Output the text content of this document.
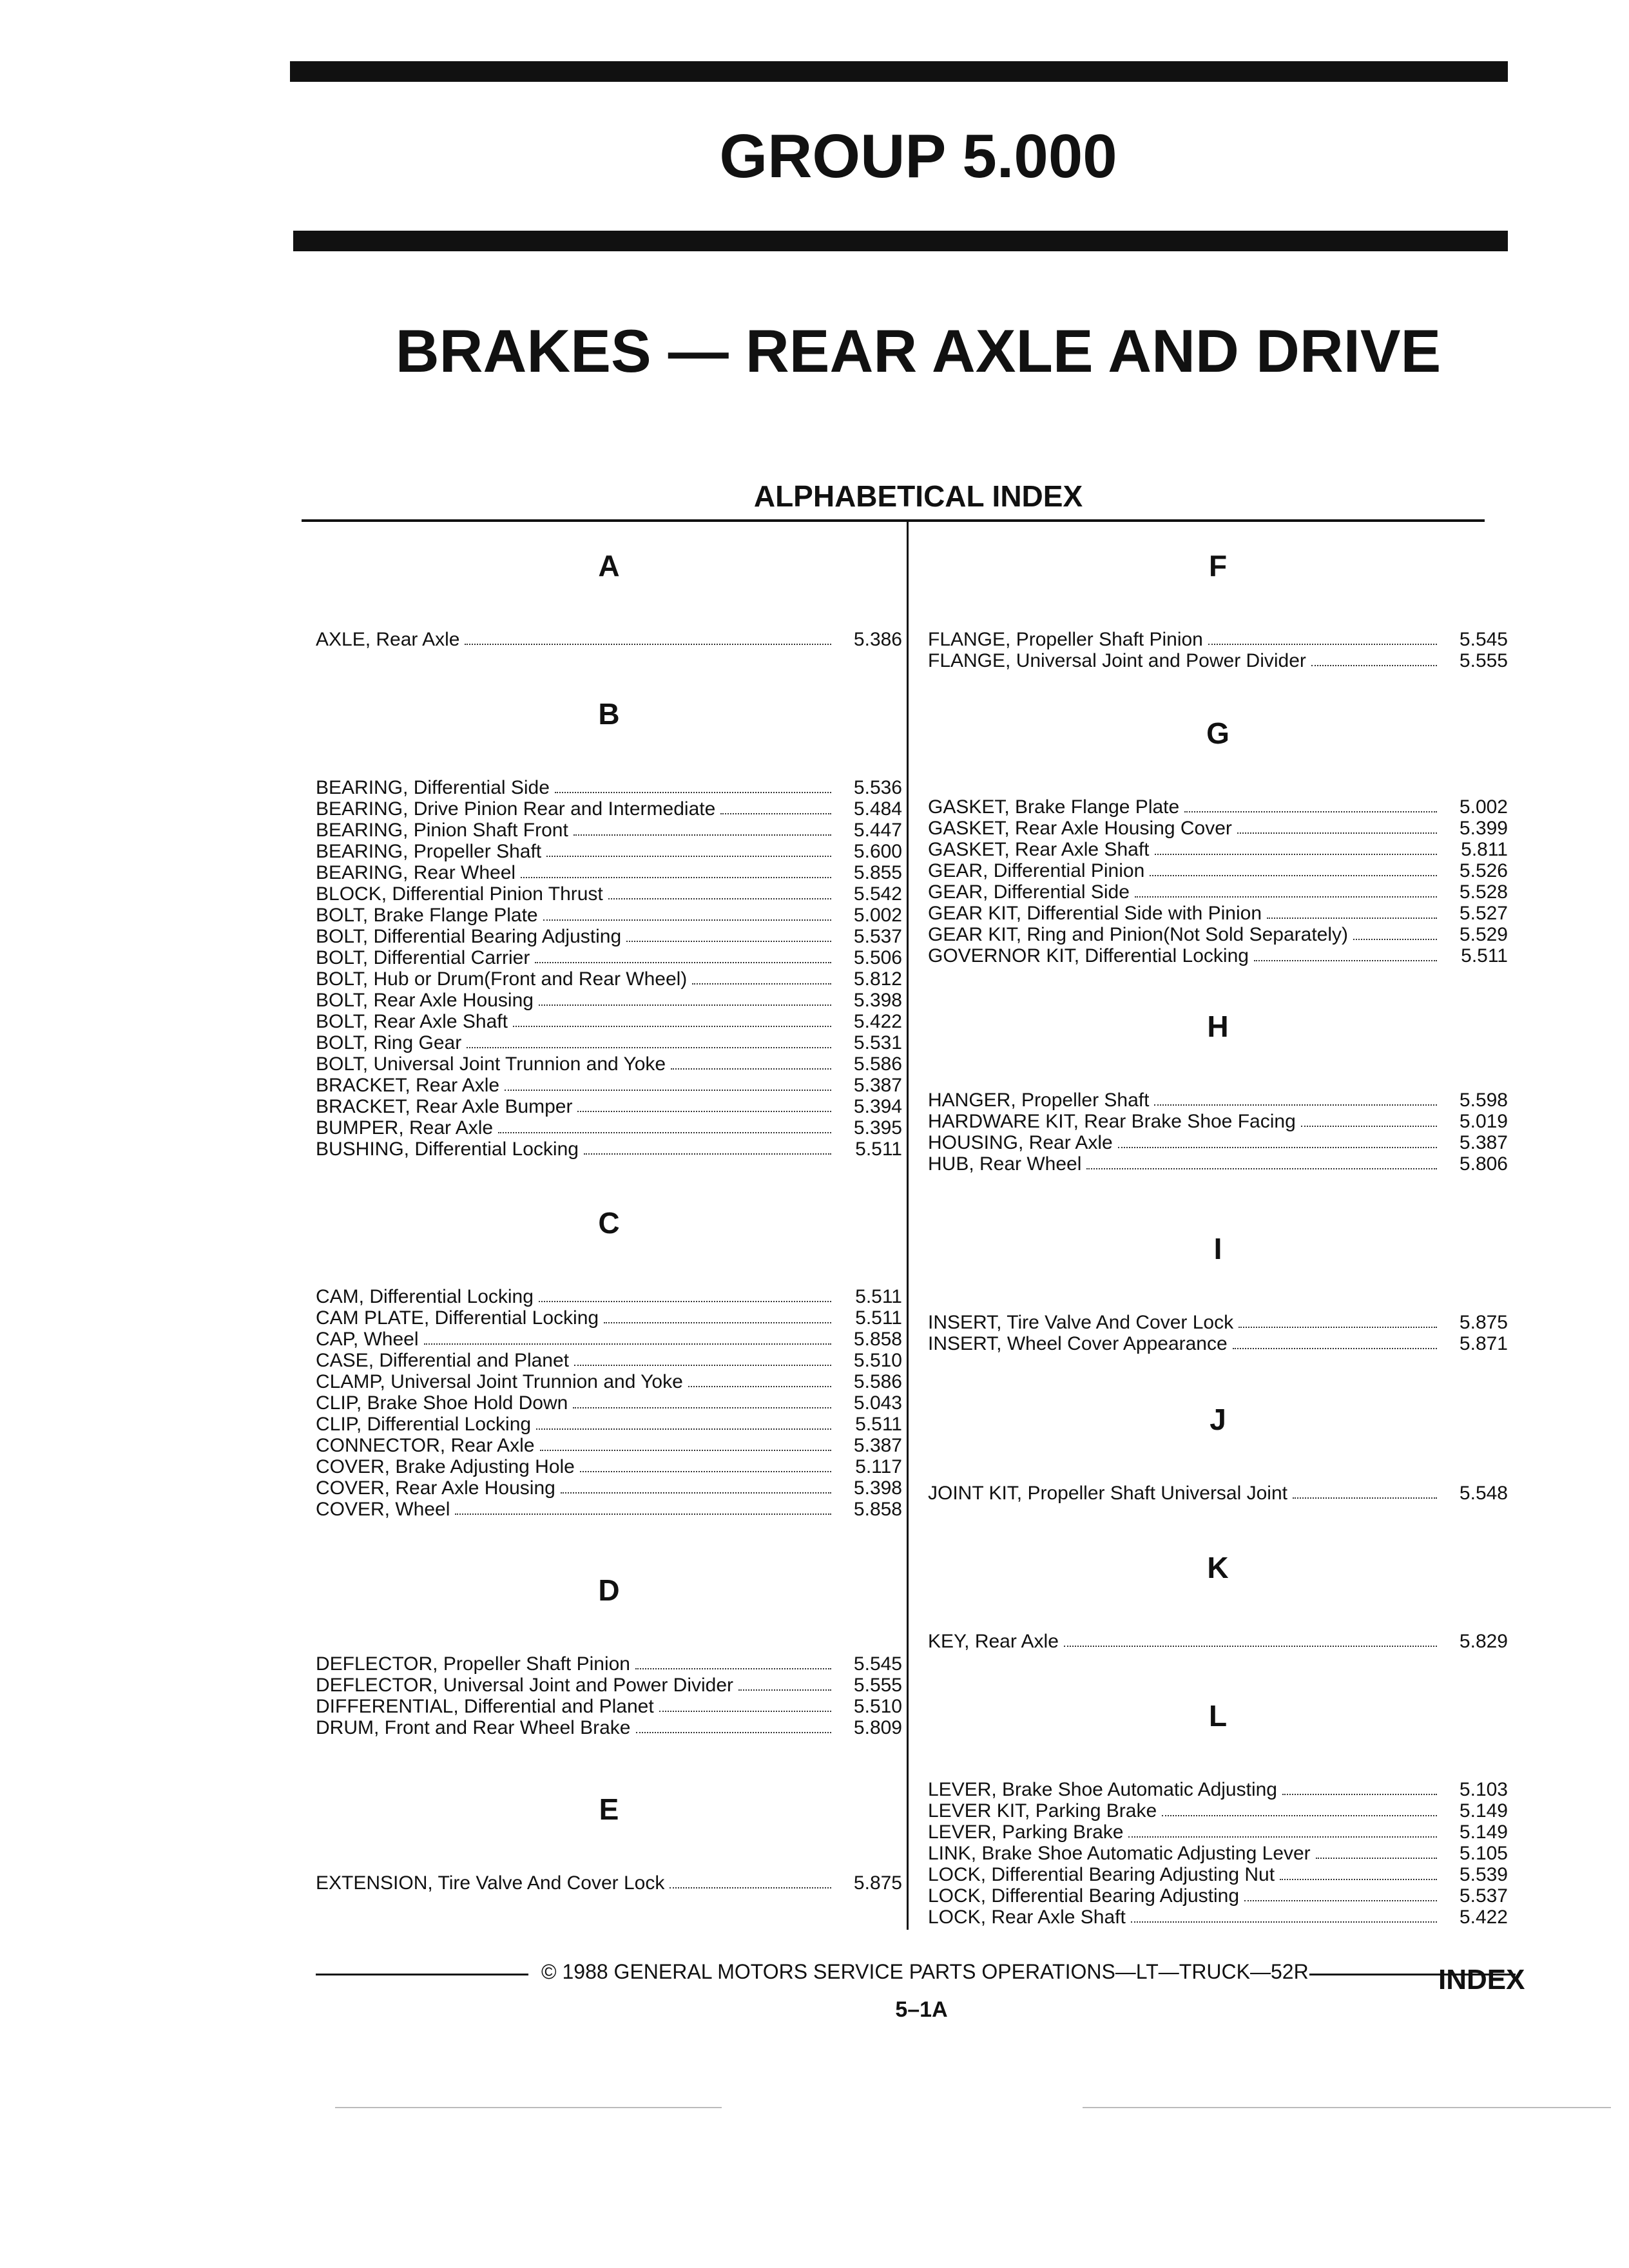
GROUP 5.000
BRAKES — REAR AXLE AND DRIVE
ALPHABETICAL INDEX
A
AXLE, Rear Axle	5.386
B
BEARING, Differential Side	5.536
BEARING, Drive Pinion Rear and Intermediate	5.484
BEARING, Pinion Shaft Front	5.447
BEARING, Propeller Shaft	5.600
BEARING, Rear Wheel	5.855
BLOCK, Differential Pinion Thrust	5.542
BOLT, Brake Flange Plate	5.002
BOLT, Differential Bearing Adjusting	5.537
BOLT, Differential Carrier	5.506
BOLT, Hub or Drum(Front and Rear Wheel)	5.812
BOLT, Rear Axle Housing	5.398
BOLT, Rear Axle Shaft	5.422
BOLT, Ring Gear	5.531
BOLT, Universal Joint Trunnion and Yoke	5.586
BRACKET, Rear Axle	5.387
BRACKET, Rear Axle Bumper	5.394
BUMPER, Rear Axle	5.395
BUSHING, Differential Locking	5.511
C
CAM, Differential Locking	5.511
CAM PLATE, Differential Locking	5.511
CAP, Wheel	5.858
CASE, Differential and Planet	5.510
CLAMP, Universal Joint Trunnion and Yoke	5.586
CLIP, Brake Shoe Hold Down	5.043
CLIP, Differential Locking	5.511
CONNECTOR, Rear Axle	5.387
COVER, Brake Adjusting Hole	5.117
COVER, Rear Axle Housing	5.398
COVER, Wheel	5.858
D
DEFLECTOR, Propeller Shaft Pinion	5.545
DEFLECTOR, Universal Joint and Power Divider	5.555
DIFFERENTIAL, Differential and Planet	5.510
DRUM, Front and Rear Wheel Brake	5.809
E
EXTENSION, Tire Valve And Cover Lock	5.875
F
FLANGE, Propeller Shaft Pinion	5.545
FLANGE, Universal Joint and Power Divider	5.555
G
GASKET, Brake Flange Plate	5.002
GASKET, Rear Axle Housing Cover	5.399
GASKET, Rear Axle Shaft	5.811
GEAR, Differential Pinion	5.526
GEAR, Differential Side	5.528
GEAR KIT, Differential Side with Pinion	5.527
GEAR KIT, Ring and Pinion(Not Sold Separately)	5.529
GOVERNOR KIT, Differential Locking	5.511
H
HANGER, Propeller Shaft	5.598
HARDWARE KIT, Rear Brake Shoe Facing	5.019
HOUSING, Rear Axle	5.387
HUB, Rear Wheel	5.806
I
INSERT, Tire Valve And Cover Lock	5.875
INSERT, Wheel Cover Appearance	5.871
J
JOINT KIT, Propeller Shaft Universal Joint	5.548
K
KEY, Rear Axle	5.829
L
LEVER, Brake Shoe Automatic Adjusting	5.103
LEVER KIT, Parking Brake	5.149
LEVER, Parking Brake	5.149
LINK, Brake Shoe Automatic Adjusting Lever	5.105
LOCK, Differential Bearing Adjusting Nut	5.539
LOCK, Differential Bearing Adjusting	5.537
LOCK, Rear Axle Shaft	5.422
© 1988 GENERAL MOTORS SERVICE PARTS OPERATIONS—LT—TRUCK—52R
5–1A
INDEX
